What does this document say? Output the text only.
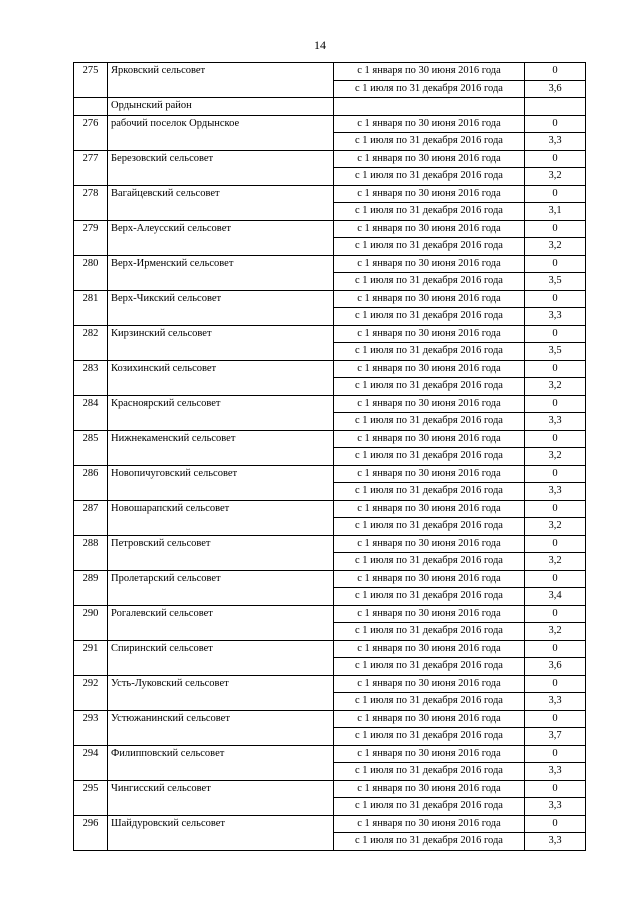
14
275	Ярковский сельсовет	с 1 января по 30 июня 2016 года	0
		с 1 июля по 31 декабря 2016 года	3,6
	Ордынский район		
276	рабочий поселок Ордынское	с 1 января по 30 июня 2016 года	0
		с 1 июля по 31 декабря 2016 года	3,3
277	Березовский сельсовет	с 1 января по 30 июня 2016 года	0
		с 1 июля по 31 декабря 2016 года	3,2
278	Вагайцевский сельсовет	с 1 января по 30 июня 2016 года	0
		с 1 июля по 31 декабря 2016 года	3,1
279	Верх-Алеусский сельсовет	с 1 января по 30 июня 2016 года	0
		с 1 июля по 31 декабря 2016 года	3,2
280	Верх-Ирменский сельсовет	с 1 января по 30 июня 2016 года	0
		с 1 июля по 31 декабря 2016 года	3,5
281	Верх-Чикский сельсовет	с 1 января по 30 июня 2016 года	0
		с 1 июля по 31 декабря 2016 года	3,3
282	Кирзинский сельсовет	с 1 января по 30 июня 2016 года	0
		с 1 июля по 31 декабря 2016 года	3,5
283	Козихинский сельсовет	с 1 января по 30 июня 2016 года	0
		с 1 июля по 31 декабря 2016 года	3,2
284	Красноярский сельсовет	с 1 января по 30 июня 2016 года	0
		с 1 июля по 31 декабря 2016 года	3,3
285	Нижнекаменский сельсовет	с 1 января по 30 июня 2016 года	0
		с 1 июля по 31 декабря 2016 года	3,2
286	Новопичуговский сельсовет	с 1 января по 30 июня 2016 года	0
		с 1 июля по 31 декабря 2016 года	3,3
287	Новошарапский сельсовет	с 1 января по 30 июня 2016 года	0
		с 1 июля по 31 декабря 2016 года	3,2
288	Петровский сельсовет	с 1 января по 30 июня 2016 года	0
		с 1 июля по 31 декабря 2016 года	3,2
289	Пролетарский сельсовет	с 1 января по 30 июня 2016 года	0
		с 1 июля по 31 декабря 2016 года	3,4
290	Рогалевский сельсовет	с 1 января по 30 июня 2016 года	0
		с 1 июля по 31 декабря 2016 года	3,2
291	Спиринский сельсовет	с 1 января по 30 июня 2016 года	0
		с 1 июля по 31 декабря 2016 года	3,6
292	Усть-Луковский сельсовет	с 1 января по 30 июня 2016 года	0
		с 1 июля по 31 декабря 2016 года	3,3
293	Устюжанинский сельсовет	с 1 января по 30 июня 2016 года	0
		с 1 июля по 31 декабря 2016 года	3,7
294	Филипповский сельсовет	с 1 января по 30 июня 2016 года	0
		с 1 июля по 31 декабря 2016 года	3,3
295	Чингисский сельсовет	с 1 января по 30 июня 2016 года	0
		с 1 июля по 31 декабря 2016 года	3,3
296	Шайдуровский сельсовет	с 1 января по 30 июня 2016 года	0
		с 1 июля по 31 декабря 2016 года	3,3
